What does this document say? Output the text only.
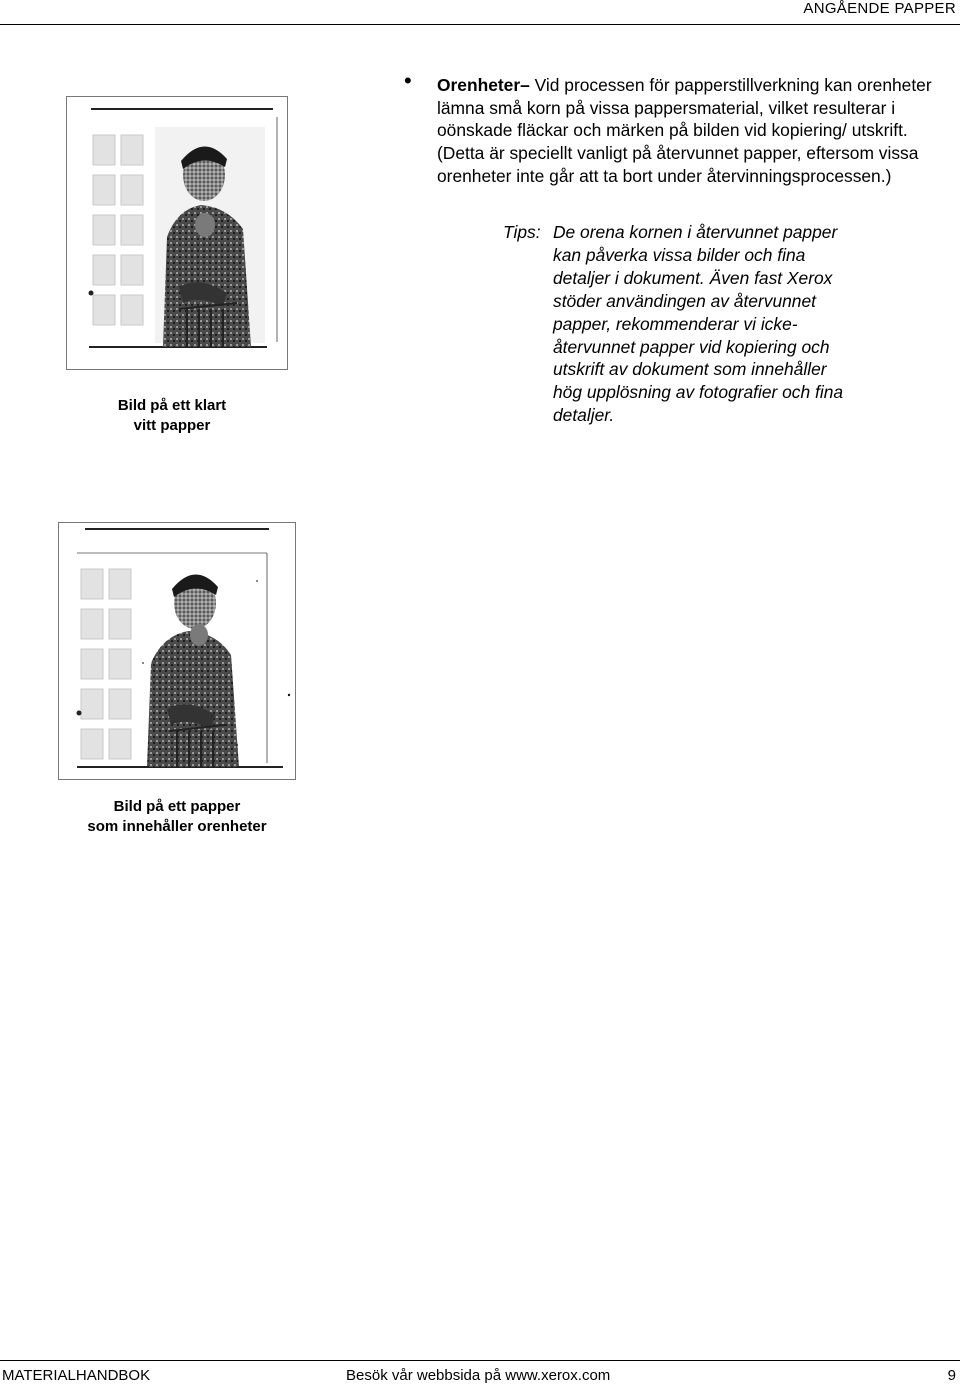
ANGÅENDE PAPPER
• Orenheter– Vid processen för papperstillverkning kan orenheter lämna små korn på vissa pappersmaterial, vilket resulterar i oönskade fläckar och märken på bilden vid kopiering/ utskrift. (Detta är speciellt vanligt på återvunnet papper, eftersom vissa orenheter inte går att ta bort under återvinningsprocessen.)
Tips: De orena kornen i återvunnet papper kan påverka vissa bilder och fina detaljer i dokument. Även fast Xerox stöder användingen av återvunnet papper, rekommenderar vi icke-återvunnet papper vid kopiering och utskrift av dokument som innehåller hög upplösning av fotografier och fina detaljer.
Bild på ett klart
vitt papper
Bild på ett papper
som innehåller orenheter
MATERIALHANDBOK	Besök vår webbsida på www.xerox.com	9
